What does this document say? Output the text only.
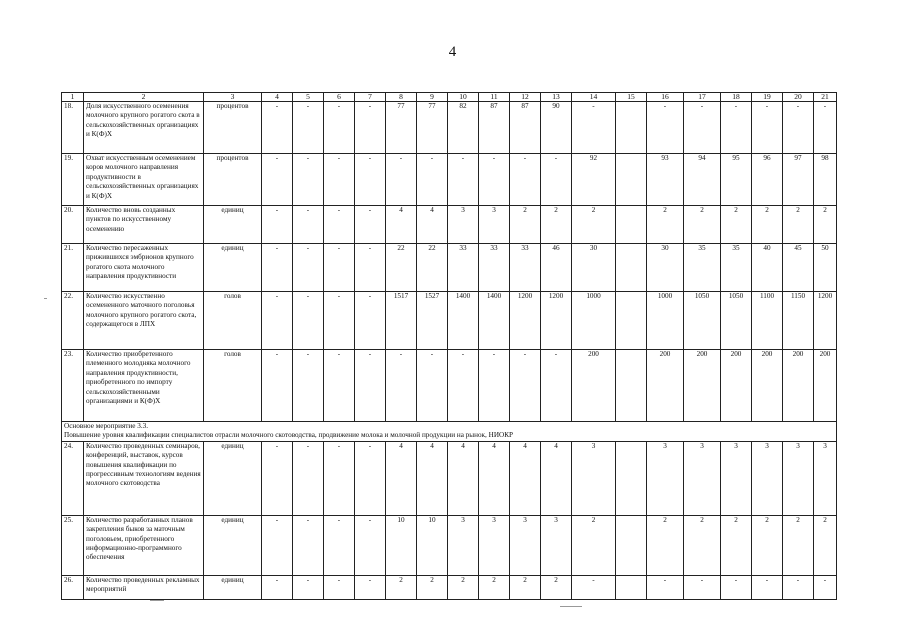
4
1	2	3	4	5	6	7	8	9	10	11	12	13	14	15	16	17	18	19	20	21
18.	Доля искусственного осеменения молочного крупного рогатого скота в сельскохозяйственных организациях и К(Ф)Х	процентов	-	-	-	-	77	77	82	87	87	90	-		-	-	-	-	-	-
19.	Охват искусственным осеменением коров молочного направления продуктивности в сельскохозяйственных организациях и К(Ф)Х	процентов	-	-	-	-	-	-	-	-	-	-	92		93	94	95	96	97	98
20.	Количество вновь созданных пунктов по искусственному осеменению	единиц	-	-	-	-	4	4	3	3	2	2	2		2	2	2	2	2	2
21.	Количество пересаженных прижившихся эмбрионов крупного рогатого скота молочного направления продуктивности	единиц	-	-	-	-	22	22	33	33	33	46	30		30	35	35	40	45	50
22.	Количество искусственно осемененного маточного поголовья молочного крупного рогатого скота, содержащегося в ЛПХ	голов	-	-	-	-	1517	1527	1400	1400	1200	1200	1000		1000	1050	1050	1100	1150	1200
23.	Количество приобретенного племенного молодняка молочного направления продуктивности, приобретенного по импорту сельскохозяйственными организациями и К(Ф)Х	голов	-	-	-	-	-	-	-	-	-	-	200		200	200	200	200	200	200

Основное мероприятие 3.3.
Повышение уровня квалификации специалистов отрасли молочного скотоводства, продвижение молока и молочной продукции на рынок, НИОКР																				

24.	Количество проведенных семинаров, конференций, выставок, курсов повышения квалификации по прогрессивным технологиям ведения молочного скотоводства	единиц	-	-	-	-	4	4	4	4	4	4	3		3	3	3	3	3	3
25.	Количество разработанных планов закрепления быков за маточным поголовьем, приобретенного информационно-программного обеспечения	единиц	-	-	-	-	10	10	3	3	3	3	2		2	2	2	2	2	2
26.	Количество проведенных рекламных мероприятий	единиц	-	-	-	-	2	2	2	2	2	2	-		-	-	-	-	-	-
